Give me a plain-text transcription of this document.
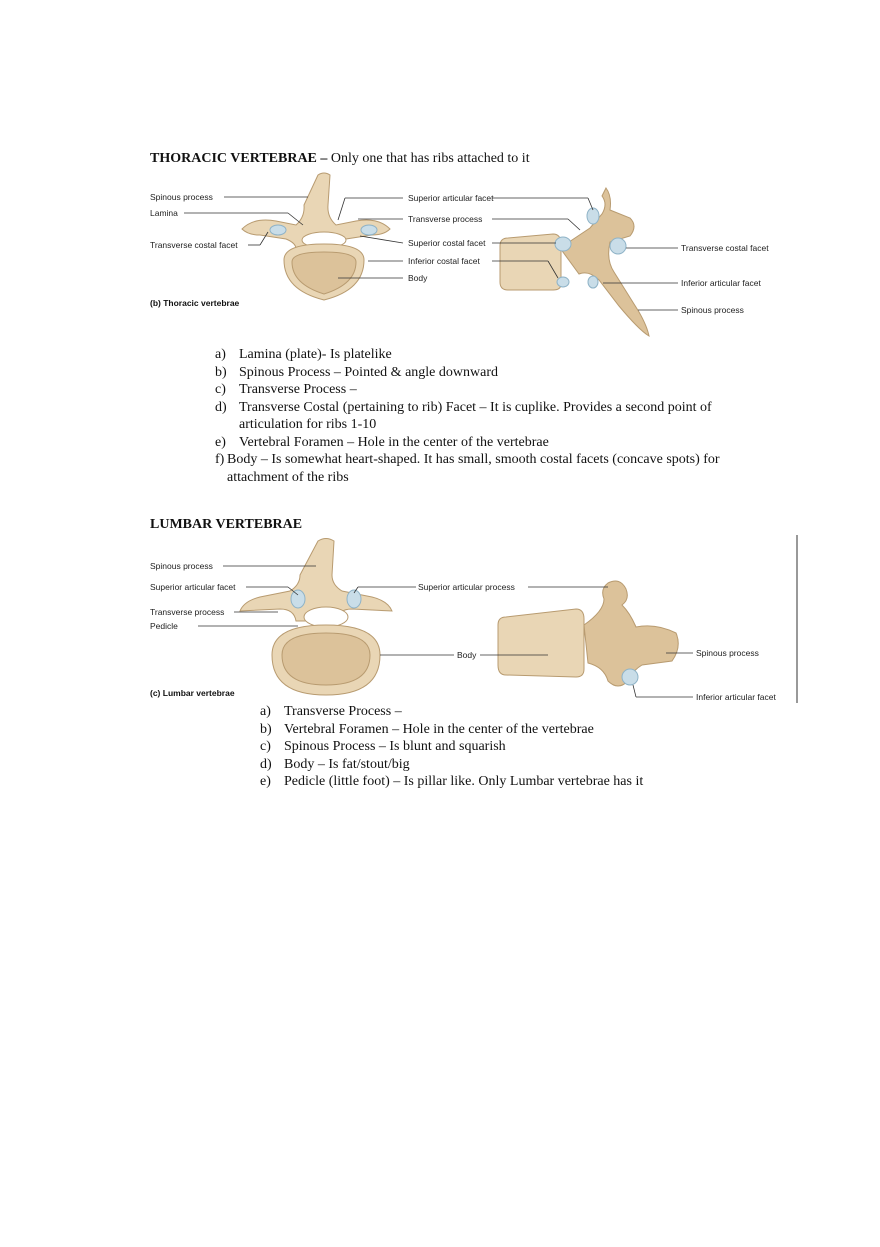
THORACIC VERTEBRAE – Only one that has ribs attached to it
Spinous process
Lamina
Transverse costal facet
Superior articular facet
Transverse process
Superior costal facet
Inferior costal facet
Body
Transverse costal facet
Inferior articular facet
Spinous process
(b) Thoracic vertebrae
a) Lamina (plate)- Is platelike
b) Spinous Process – Pointed & angle downward
c) Transverse Process –
d) Transverse Costal (pertaining to rib) Facet – It is cuplike. Provides a second point of articulation for ribs 1-10
e) Vertebral Foramen – Hole in the center of the vertebrae
f) Body – Is somewhat heart-shaped. It has small, smooth costal facets (concave spots) for attachment of the ribs
LUMBAR VERTEBRAE
Spinous process
Superior articular facet
Transverse process
Pedicle
Superior articular process
Body	Spinous process
Inferior articular facet
(c) Lumbar vertebrae
a) Transverse Process –
b) Vertebral Foramen – Hole in the center of the vertebrae
c) Spinous Process – Is blunt and squarish
d) Body – Is fat/stout/big
e) Pedicle (little foot) – Is pillar like. Only Lumbar vertebrae has it
